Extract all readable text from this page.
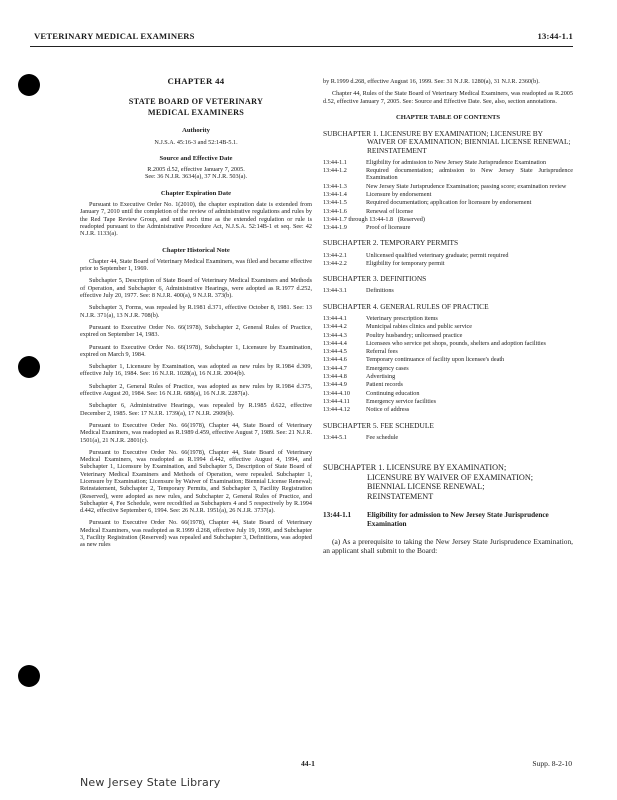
VETERINARY MEDICAL EXAMINERS	13:44-1.1
CHAPTER 44
STATE BOARD OF VETERINARY
MEDICAL EXAMINERS
Authority
N.J.S.A. 45:16-3 and 52:14B-5.1.
Source and Effective Date
R.2005 d.52, effective January 7, 2005.
See: 36 N.J.R. 3634(a), 37 N.J.R. 503(a).
Chapter Expiration Date

Pursuant to Executive Order No. 1(2010), the chapter expiration date is extended from January 7, 2010 until the completion of the review of administrative regulations and rules by the Red Tape Review Group, and until such time as the extended regulation or rule is readopted pursuant to the Administrative Procedure Act, N.J.S.A. 52:14B-1 et seq. See: 42 N.J.R. 1133(a).

Chapter Historical Note

Chapter 44, State Board of Veterinary Medical Examiners, was filed and became effective prior to September 1, 1969.

Subchapter 5, Description of State Board of Veterinary Medical Examiners and Methods of Operation, and Subchapter 6, Administrative Hearings, were adopted as R.1977 d.252, effective July 20, 1977. See: 8 N.J.R. 400(a), 9 N.J.R. 373(b).

Subchapter 3, Forms, was repealed by R.1981 d.371, effective October 8, 1981. See: 13 N.J.R. 371(a), 13 N.J.R. 708(b).

Pursuant to Executive Order No. 66(1978), Subchapter 2, General Rules of Practice, expired on September 14, 1983.

Pursuant to Executive Order No. 66(1978), Subchapter 1, Licensure by Examination, expired on March 9, 1984.

Subchapter 1, Licensure by Examination, was adopted as new rules by R.1984 d.309, effective July 16, 1984. See: 16 N.J.R. 1028(a), 16 N.J.R. 2004(b).

Subchapter 2, General Rules of Practice, was adopted as new rules by R.1984 d.375, effective August 20, 1984. See: 16 N.J.R. 688(a), 16 N.J.R. 2287(a).

Subchapter 6, Administrative Hearings, was repealed by R.1985 d.622, effective December 2, 1985. See: 17 N.J.R. 1739(a), 17 N.J.R. 2909(b).

Pursuant to Executive Order No. 66(1978), Chapter 44, State Board of Veterinary Medical Examiners, was readopted as R.1989 d.459, effective August 7, 1989. See: 21 N.J.R. 1501(a), 21 N.J.R. 2801(c).

Pursuant to Executive Order No. 66(1978), Chapter 44, State Board of Veterinary Medical Examiners, was readopted as R.1994 d.442, effective August 4, 1994, and Subchapter 1, Licensure by Examination, and Subchapter 5, Description of State Board of Veterinary Medical Examiners and Methods of Operation, were repealed. Subchapter 1, Licensure by Examination; Licensure by Waiver of Examination; Biennial License Renewal; Reinstatement, Subchapter 2, Temporary Permits, and Subchapter 3, Facility Registration (Reserved), were adopted as new rules, and Subchapter 2, General Rules of Practice, and Subchapter 4, Fee Schedule, were recodified as Subchapters 4 and 5 respectively by R.1994 d.442, effective September 6, 1994. See: 26 N.J.R. 1951(a), 26 N.J.R. 3737(a).

Pursuant to Executive Order No. 66(1978), Chapter 44, State Board of Veterinary Medical Examiners, was readopted as R.1999 d.268, effective July 19, 1999, and Subchapter 3, Facility Registration (Reserved) was repealed and Subchapter 3, Definitions, was adopted as new rules

by R.1999 d.268, effective August 16, 1999. See: 31 N.J.R. 1280(a), 31 N.J.R. 2360(b).

Chapter 44, Rules of the State Board of Veterinary Medical Examiners, was readopted as R.2005 d.52, effective January 7, 2005. See: Source and Effective Date. See, also, section annotations.

CHAPTER TABLE OF CONTENTS
SUBCHAPTER 1. LICENSURE BY EXAMINATION; LICENSURE BY WAIVER OF EXAMINATION; BIENNIAL LICENSE RENEWAL; REINSTATEMENT
13:44-1.1	Eligibility for admission to New Jersey State Jurisprudence Examination
13:44-1.2	Required documentation; admission to New Jersey State Jurisprudence Examination
13:44-1.3	New Jersey State Jurisprudence Examination; passing score; examination review
13:44-1.4	Licensure by endorsement
13:44-1.5	Required documentation; application for licensure by endorsement
13:44-1.6	Renewal of license
13:44-1.7 through 13:44-1.8
(Reserved)
13:44-1.9	Proof of licensure
SUBCHAPTER 2. TEMPORARY PERMITS
13:44-2.1	Unlicensed qualified veterinary graduate; permit required
13:44-2.2	Eligibility for temporary permit
SUBCHAPTER 3. DEFINITIONS
13:44-3.1	Definitions
SUBCHAPTER 4. GENERAL RULES OF PRACTICE
13:44-4.1	Veterinary prescription items
13:44-4.2	Municipal rabies clinics and public service
13:44-4.3	Poultry husbandry; unlicensed practice
13:44-4.4	Licensees who service pet shops, pounds, shelters and adoption facilities
13:44-4.5	Referral fees
13:44-4.6	Temporary continuance of facility upon licensee's death
13:44-4.7	Emergency cases
13:44-4.8	Advertising
13:44-4.9	Patient records
13:44-4.10	Continuing education
13:44-4.11	Emergency service facilities
13:44-4.12	Notice of address
SUBCHAPTER 5. FEE SCHEDULE
13:44-5.1	Fee schedule
SUBCHAPTER 1. LICENSURE BY EXAMINATION;
LICENSURE BY WAIVER OF EXAMINATION;
BIENNIAL LICENSE RENEWAL;
REINSTATEMENT
13:44-1.1	Eligibility for admission to New Jersey State Jurisprudence Examination

(a) As a prerequisite to taking the New Jersey State Jurisprudence Examination, an applicant shall submit to the Board:

44-1	Supp. 8-2-10
New Jersey State Library
